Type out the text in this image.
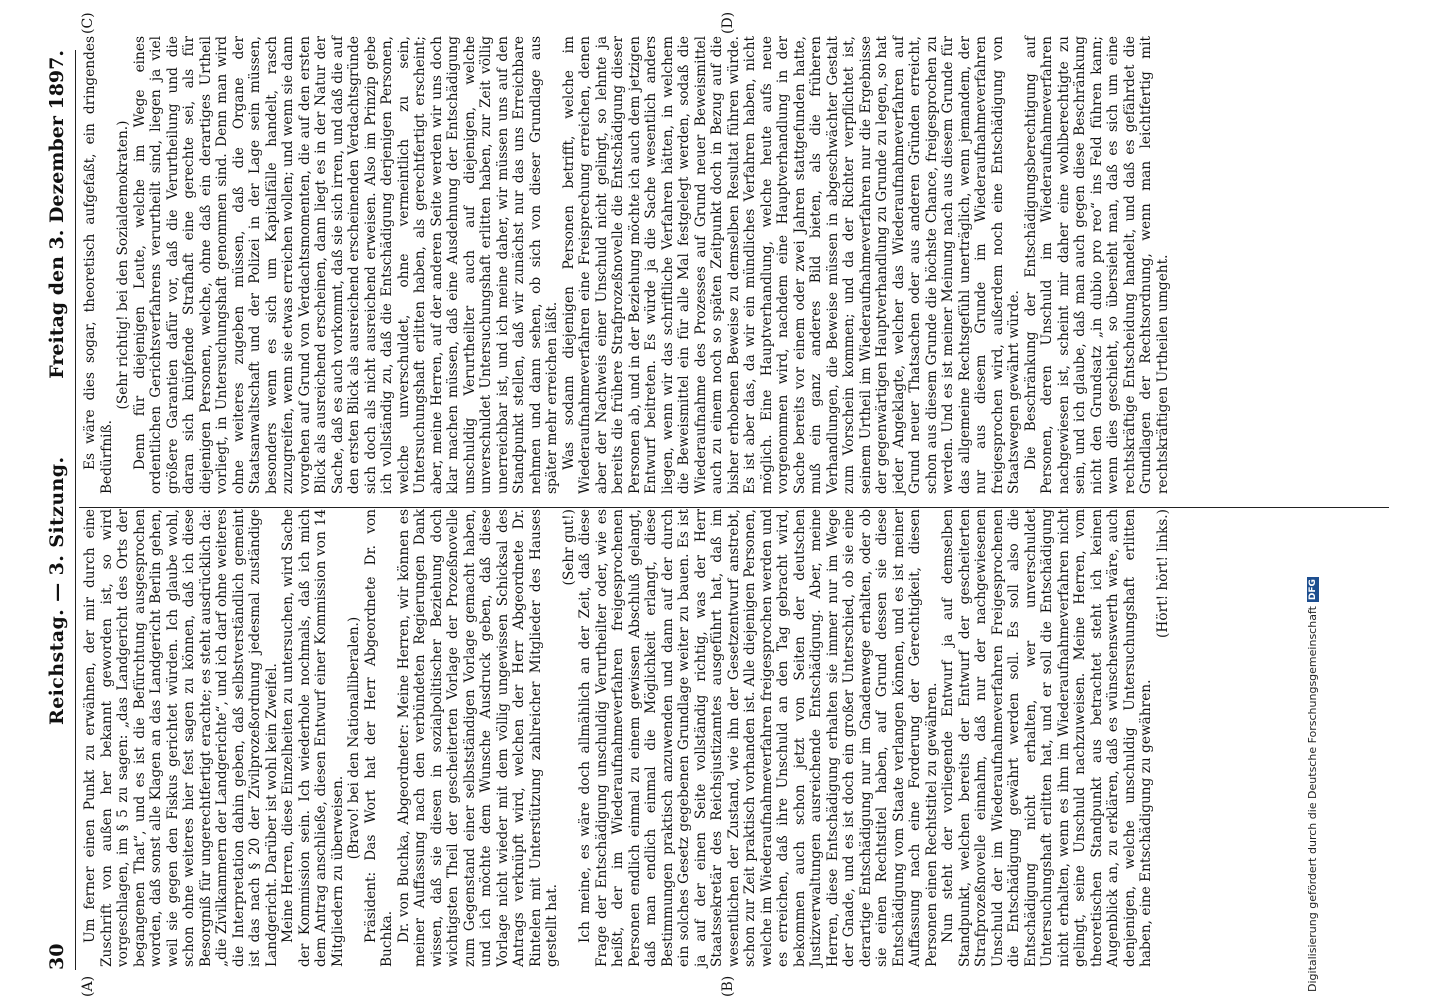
30
Reichstag. — 3. Sitzung.
Freitag den 3. Dezember 1897.
(A)	(B)
(C)	(D)

Um ferner einen Punkt zu erwähnen, der mir durch eine Zuschrift von außen her bekannt geworden ist, so wird vorgeschlagen, im § 5 zu sagen: „das Landgericht des Orts der begangenen That“, und es ist die Befürchtung ausgesprochen worden, daß sonst alle Klagen an das Landgericht Berlin gehen, weil sie gegen den Fiskus gerichtet würden. Ich glaube wohl, schon ohne weiteres hier fest sagen zu können, daß ich diese Besorgniß für ungerechtfertigt erachte; es steht ausdrücklich da: „die Zivilkammern der Landgerichte“, und ich darf ohne weiteres die Interpretation dahin geben, daß selbstverständlich gemeint ist das nach § 20 der Zivilprozeßordnung jedesmal zuständige Landgericht. Darüber ist wohl kein Zweifel. Meine Herren, diese Einzelheiten zu untersuchen, wird Sache der Kommission sein. Ich wiederhole nochmals, daß ich mich dem Antrag anschließe, diesen Entwurf einer Kommission von 14 Mitgliedern zu überweisen.

(Bravo! bei den Nationalliberalen.) Präsident: Das Wort hat der Herr Abgeordnete Dr. von Buchka. Dr. von Buchka, Abgeordneter: Meine Herren, wir können es meiner Auffassung nach den verbündeten Regierungen Dank wissen, daß sie diesen in sozialpolitischer Beziehung doch wichtigsten Theil der gescheiterten Vorlage der Prozeßnovelle zum Gegenstand einer selbstständigen Vorlage gemacht haben, und ich möchte dem Wunsche Ausdruck geben, daß diese Vorlage nicht wieder mit dem völlig ungewissen Schicksal des Antrags verknüpft wird, welchen der Herr Abgeordnete Dr. Rintelen mit Unterstützung zahlreicher Mitglieder des Hauses gestellt hat.

(Sehr gut!) Ich meine, es wäre doch allmählich an der Zeit, daß diese Frage der Entschädigung unschuldig Verurtheilter oder, wie es heißt, der im Wiederaufnahmeverfahren freigesprochenen Personen endlich einmal zu einem gewissen Abschluß gelangt, daß man endlich einmal die Möglichkeit erlangt, diese Bestimmungen praktisch anzuwenden und dann auf der durch ein solches Gesetz gegebenen Grundlage weiter zu bauen. Es ist ja auf der einen Seite vollständig richtig, was der Herr Staatssekretär des Reichsjustizamtes ausgeführt hat, daß im wesentlichen der Zustand, wie ihn der Gesetzentwurf anstrebt, schon zur Zeit praktisch vorhanden ist. Alle diejenigen Personen, welche im Wiederaufnahmeverfahren freigesprochen werden und es erreichen, daß ihre Unschuld an den Tag gebracht wird, bekommen auch schon jetzt von Seiten der deutschen Justizverwaltungen ausreichende Entschädigung. Aber, meine Herren, diese Entschädigung erhalten sie immer nur im Wege der Gnade, und es ist doch ein großer Unterschied, ob sie eine derartige Entschädigung nur im Gnadenwege erhalten, oder ob sie einen Rechtstitel haben, auf Grund dessen sie diese Entschädigung vom Staate verlangen können, und es ist meiner Auffassung nach eine Forderung der Gerechtigkeit, diesen Personen einen Rechtstitel zu gewähren. Nun steht der vorliegende Entwurf ja auf demselben Standpunkt, welchen bereits der Entwurf der gescheiterten Strafprozeßnovelle einnahm, daß nur der nachgewiesenen Unschuld der im Wiederaufnahmeverfahren Freigesprochenen die Entschädigung gewährt werden soll. Es soll also die Entschädigung nicht erhalten, wer unverschuldet Untersuchungshaft erlitten hat, und er soll die Entschädigung nicht erhalten, wenn es ihm im Wiederaufnahmeverfahren nicht gelingt, seine Unschuld nachzuweisen. Meine Herren, vom theoretischen Standpunkt aus betrachtet steht ich keinen Augenblick an, zu erklären, daß es wünschenswerth wäre, auch denjenigen, welche unschuldig Untersuchungshaft erlitten haben, eine Entschädigung zu gewähren.

(Hört! hört! links.)

Es wäre dies sogar, theoretisch aufgefaßt, ein dringendes Bedürfniß.

(Sehr richtig! bei den Sozialdemokraten.) Denn für diejenigen Leute, welche im Wege eines ordentlichen Gerichtsverfahrens verurtheilt sind, liegen ja viel größere Garantien dafür vor, daß die Verurtheilung und die daran sich knüpfende Strafhaft eine gerechte sei, als für diejenigen Personen, welche, ohne daß ein derartiges Urtheil vorliegt, in Untersuchungshaft genommen sind. Denn man wird ohne weiteres zugeben müssen, daß die Organe der Staatsanwaltschaft und der Polizei in der Lage sein müssen, besonders wenn es sich um Kapitalfälle handelt, rasch zuzugreifen, wenn sie etwas erreichen wollen; und wenn sie dann vorgehen auf Grund von Verdachtsmomenten, die auf den ersten Blick als ausreichend erscheinen, dann liegt es in der Natur der Sache, daß es auch vorkommt, daß sie sich irren, und daß die auf den ersten Blick als ausreichend erscheinenden Verdachtsgründe sich doch als nicht ausreichend erweisen. Also im Prinzip gebe ich vollständig zu, daß die Entschädigung derjenigen Personen, welche unverschuldet, ohne vermeintlich zu sein, Untersuchungshaft erlitten haben, als gerechtfertigt erscheint; aber, meine Herren, auf der anderen Seite werden wir uns doch klar machen müssen, daß eine Ausdehnung der Entschädigung unschuldig Verurtheilter auch auf diejenigen, welche unverschuldet Untersuchungshaft erlitten haben, zur Zeit völlig unerreichbar ist, und ich meine daher, wir müssen uns auf den Standpunkt stellen, daß wir zunächst nur das uns Erreichbare nehmen und dann sehen, ob sich von dieser Grundlage aus später mehr erreichen läßt. Was sodann diejenigen Personen betrifft, welche im Wiederaufnahmeverfahren eine Freisprechung erreichen, denen aber der Nachweis einer Unschuld nicht gelingt, so lehnte ja bereits die frühere Strafprozeßnovelle die Entschädigung dieser Personen ab, und in der Beziehung möchte ich auch dem jetzigen Entwurf beitreten. Es würde ja die Sache wesentlich anders liegen, wenn wir das schriftliche Verfahren hätten, in welchem die Beweismittel ein für alle Mal festgelegt werden, sodaß die Wiederaufnahme des Prozesses auf Grund neuer Beweismittel auch zu einem noch so späten Zeitpunkt doch in Bezug auf die bisher erhobenen Beweise zu demselben Resultat führen würde. Es ist aber das, da wir ein mündliches Verfahren haben, nicht möglich. Eine Hauptverhandlung, welche heute aufs neue vorgenommen wird, nachdem eine Hauptverhandlung in der Sache bereits vor einem oder zwei Jahren stattgefunden hatte, muß ein ganz anderes Bild bieten, als die früheren Verhandlungen, die Beweise müssen in abgeschwächter Gestalt zum Vorschein kommen; und da der Richter verpflichtet ist, seinem Urtheil im Wiederaufnahmeverfahren nur die Ergebnisse der gegenwärtigen Hauptverhandlung zu Grunde zu legen, so hat jeder Angeklagte, welcher das Wiederaufnahmeverfahren auf Grund neuer Thatsachen oder aus anderen Gründen erreicht, schon aus diesem Grunde die höchste Chance, freigesprochen zu werden. Und es ist meiner Meinung nach aus diesem Grunde für das allgemeine Rechtsgefühl unerträglich, wenn jemandem, der nur aus diesem Grunde im Wiederaufnahmeverfahren freigesprochen wird, außerdem noch eine Entschädigung von Staatswegen gewährt würde. Die Beschränkung der Entschädigungsberechtigung auf Personen, deren Unschuld im Wiederaufnahmeverfahren nachgewiesen ist, scheint mir daher eine wohlberechtigte zu sein, und ich glaube, daß man auch gegen diese Beschränkung nicht den Grundsatz „in dubio pro reo“ ins Feld führen kann; wenn dies geschieht, so übersieht man, daß es sich um eine rechtskräftige Entscheidung handelt, und daß es gefährdet die Grundlagen der Rechtsordnung, wenn man leichtfertig mit rechtskräftigen Urtheilen umgeht.

Digitalisierung gefördert durch die Deutsche ForschungsgemeinschaftDFG
